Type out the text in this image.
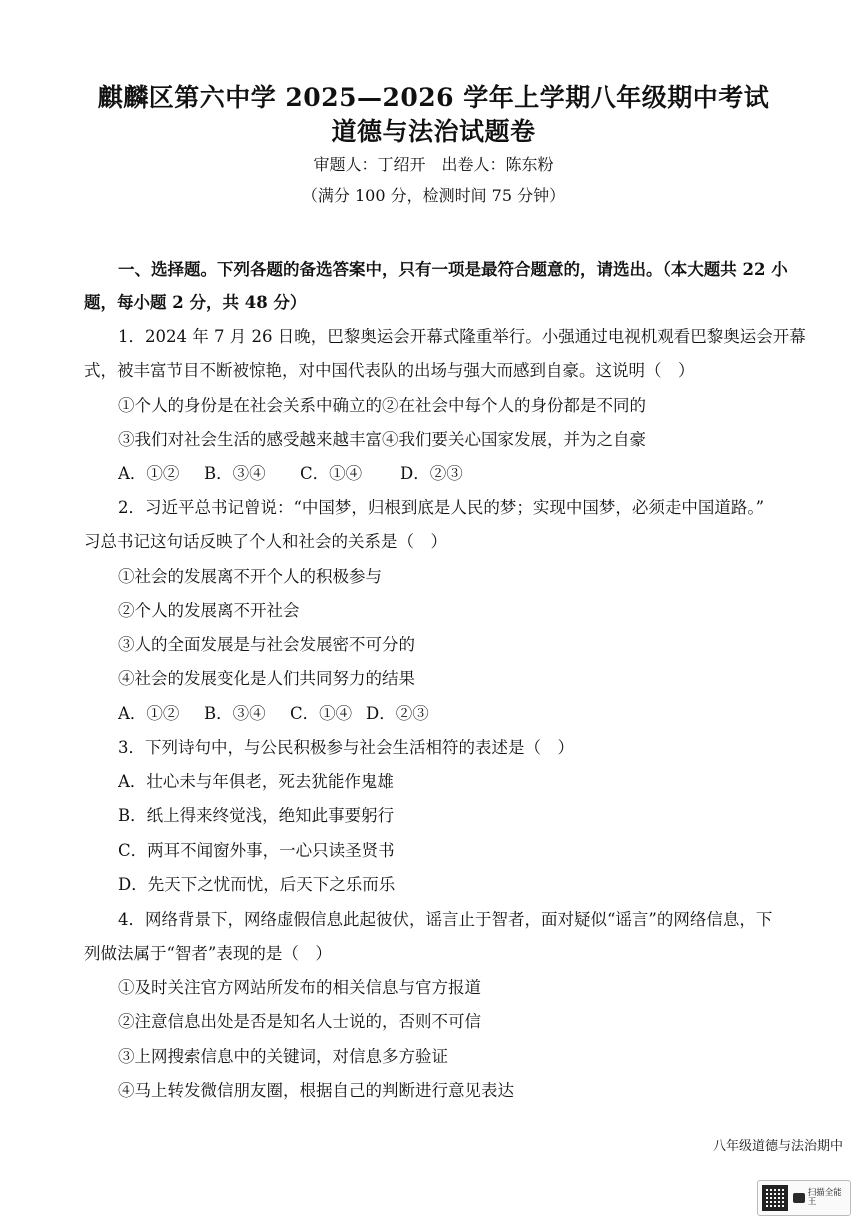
麒麟区第六中学 2025—2026 学年上学期八年级期中考试
道德与法治试题卷
审题人：丁绍开　出卷人：陈东粉
（满分 100 分，检测时间 75 分钟）
一、选择题。下列各题的备选答案中，只有一项是最符合题意的，请选出。（本大题共 22 小
题，每小题 2 分，共 48 分）
1．2024 年 7 月 26 日晚，巴黎奥运会开幕式隆重举行。小强通过电视机观看巴黎奥运会开幕
式，被丰富节目不断被惊艳，对中国代表队的出场与强大而感到自豪。这说明（　）
①个人的身份是在社会关系中确立的②在社会中每个人的身份都是不同的
③我们对社会生活的感受越来越丰富④我们要关心国家发展，并为之自豪
A．①② B．③④ C．①④ D．②③
2．习近平总书记曾说：“中国梦，归根到底是人民的梦；实现中国梦，必须走中国道路。”
习总书记这句话反映了个人和社会的关系是（　）
①社会的发展离不开个人的积极参与
②个人的发展离不开社会
③人的全面发展是与社会发展密不可分的
④社会的发展变化是人们共同努力的结果
A．①② B．③④ C．①④ D．②③
3．下列诗句中，与公民积极参与社会生活相符的表述是（　）
A．壮心未与年俱老，死去犹能作鬼雄
B．纸上得来终觉浅，绝知此事要躬行
C．两耳不闻窗外事，一心只读圣贤书
D．先天下之忧而忧，后天下之乐而乐
4．网络背景下，网络虚假信息此起彼伏，谣言止于智者，面对疑似“谣言”的网络信息，下
列做法属于“智者”表现的是（　）
①及时关注官方网站所发布的相关信息与官方报道
②注意信息出处是否是知名人士说的，否则不可信
③上网搜索信息中的关键词，对信息多方验证
④马上转发微信朋友圈，根据自己的判断进行意见表达
八年级道德与法治期中
扫描全能王
